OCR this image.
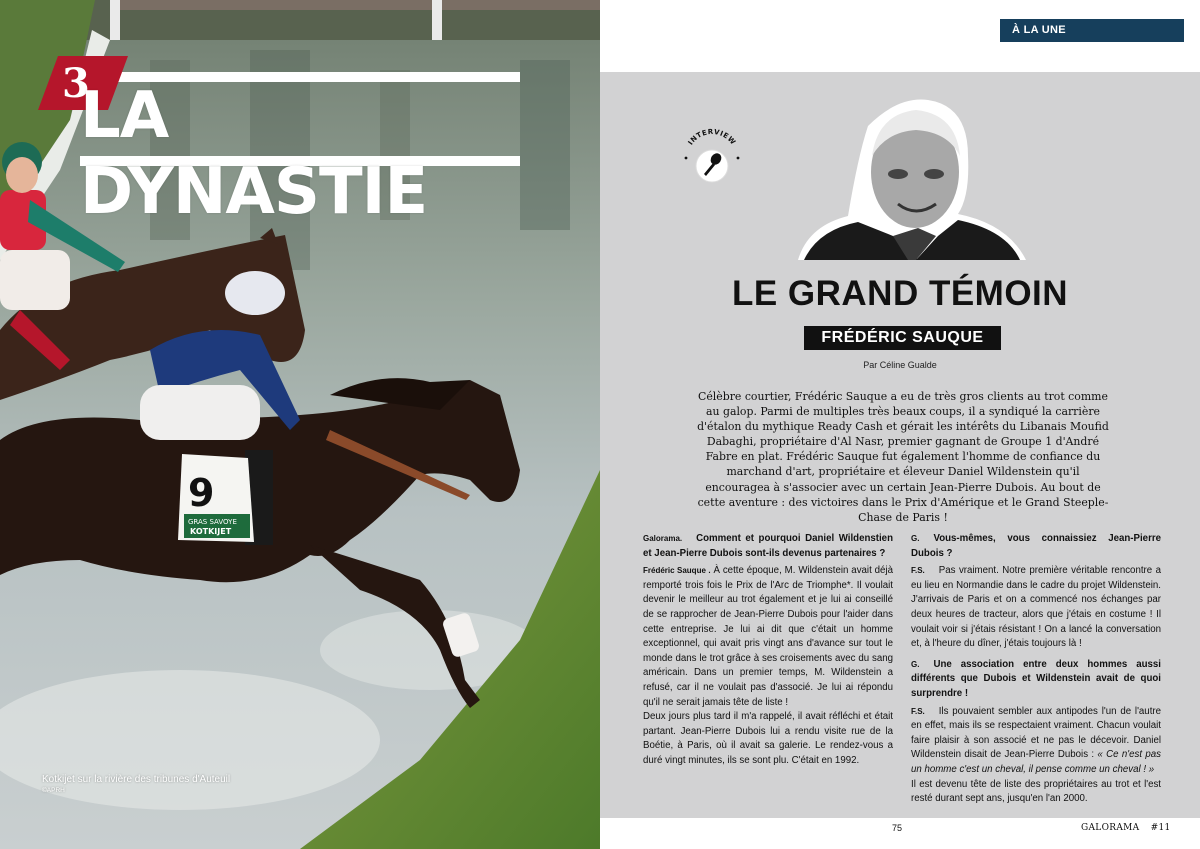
3
LA DYNASTIE
9
GRAS SAVOYE
KOTKIJET
Kotkijet sur la rivière des tribunes d'Auteuil
©APRH
À LA UNE
INTERVIEW
LE GRAND TÉMOIN
FRÉDÉRIC SAUQUE
Par Céline Gualde
Célèbre courtier, Frédéric Sauque a eu de très gros clients au trot comme au galop. Parmi de multiples très beaux coups, il a syndiqué la carrière d'étalon du mythique Ready Cash et gérait les intérêts du Libanais Moufid Dabaghi, propriétaire d'Al Nasr, premier gagnant de Groupe 1 d'André Fabre en plat. Frédéric Sauque fut également l'homme de confiance du marchand d'art, propriétaire et éleveur Daniel Wildenstein qu'il encouragea à s'associer avec un certain Jean-Pierre Dubois. Au bout de cette aventure : des victoires dans le Prix d'Amérique et le Grand Steeple-Chase de Paris !
Galorama. Comment et pourquoi Daniel Wildenstien et Jean-Pierre Dubois sont-ils devenus partenaires ?
Frédéric Sauque . À cette époque, M. Wildenstein avait déjà remporté trois fois le Prix de l'Arc de Triomphe*. Il voulait devenir le meilleur au trot également et je lui ai conseillé de se rapprocher de Jean-Pierre Dubois pour l'aider dans cette entreprise. Je lui ai dit que c'était un homme exceptionnel, qui avait pris vingt ans d'avance sur tout le monde dans le trot grâce à ses croisements avec du sang américain. Dans un premier temps, M. Wildenstein a refusé, car il ne voulait pas d'associé. Je lui ai répondu qu'il ne serait jamais tête de liste !
Deux jours plus tard il m'a rappelé, il avait réfléchi et était partant. Jean-Pierre Dubois lui a rendu visite rue de la Boétie, à Paris, où il avait sa galerie. Le rendez-vous a duré vingt minutes, ils se sont plu. C'était en 1992.
G. Vous-mêmes, vous connaissiez Jean-Pierre Dubois ?
F.S. Pas vraiment. Notre première véritable rencontre a eu lieu en Normandie dans le cadre du projet Wildenstein. J'arrivais de Paris et on a commencé nos échanges par deux heures de tracteur, alors que j'étais en costume ! Il voulait voir si j'étais résistant ! On a lancé la conversation et, à l'heure du dîner, j'étais toujours là !
G. Une association entre deux hommes aussi différents que Dubois et Wildenstein avait de quoi surprendre !
F.S. Ils pouvaient sembler aux antipodes l'un de l'autre en effet, mais ils se respectaient vraiment. Chacun voulait faire plaisir à son associé et ne pas le décevoir. Daniel Wildenstein disait de Jean-Pierre Dubois : « Ce n'est pas un homme c'est un cheval, il pense comme un cheval ! »
Il est devenu tête de liste des propriétaires au trot et l'est resté durant sept ans, jusqu'en l'an 2000.
75	GALORAMA #11
